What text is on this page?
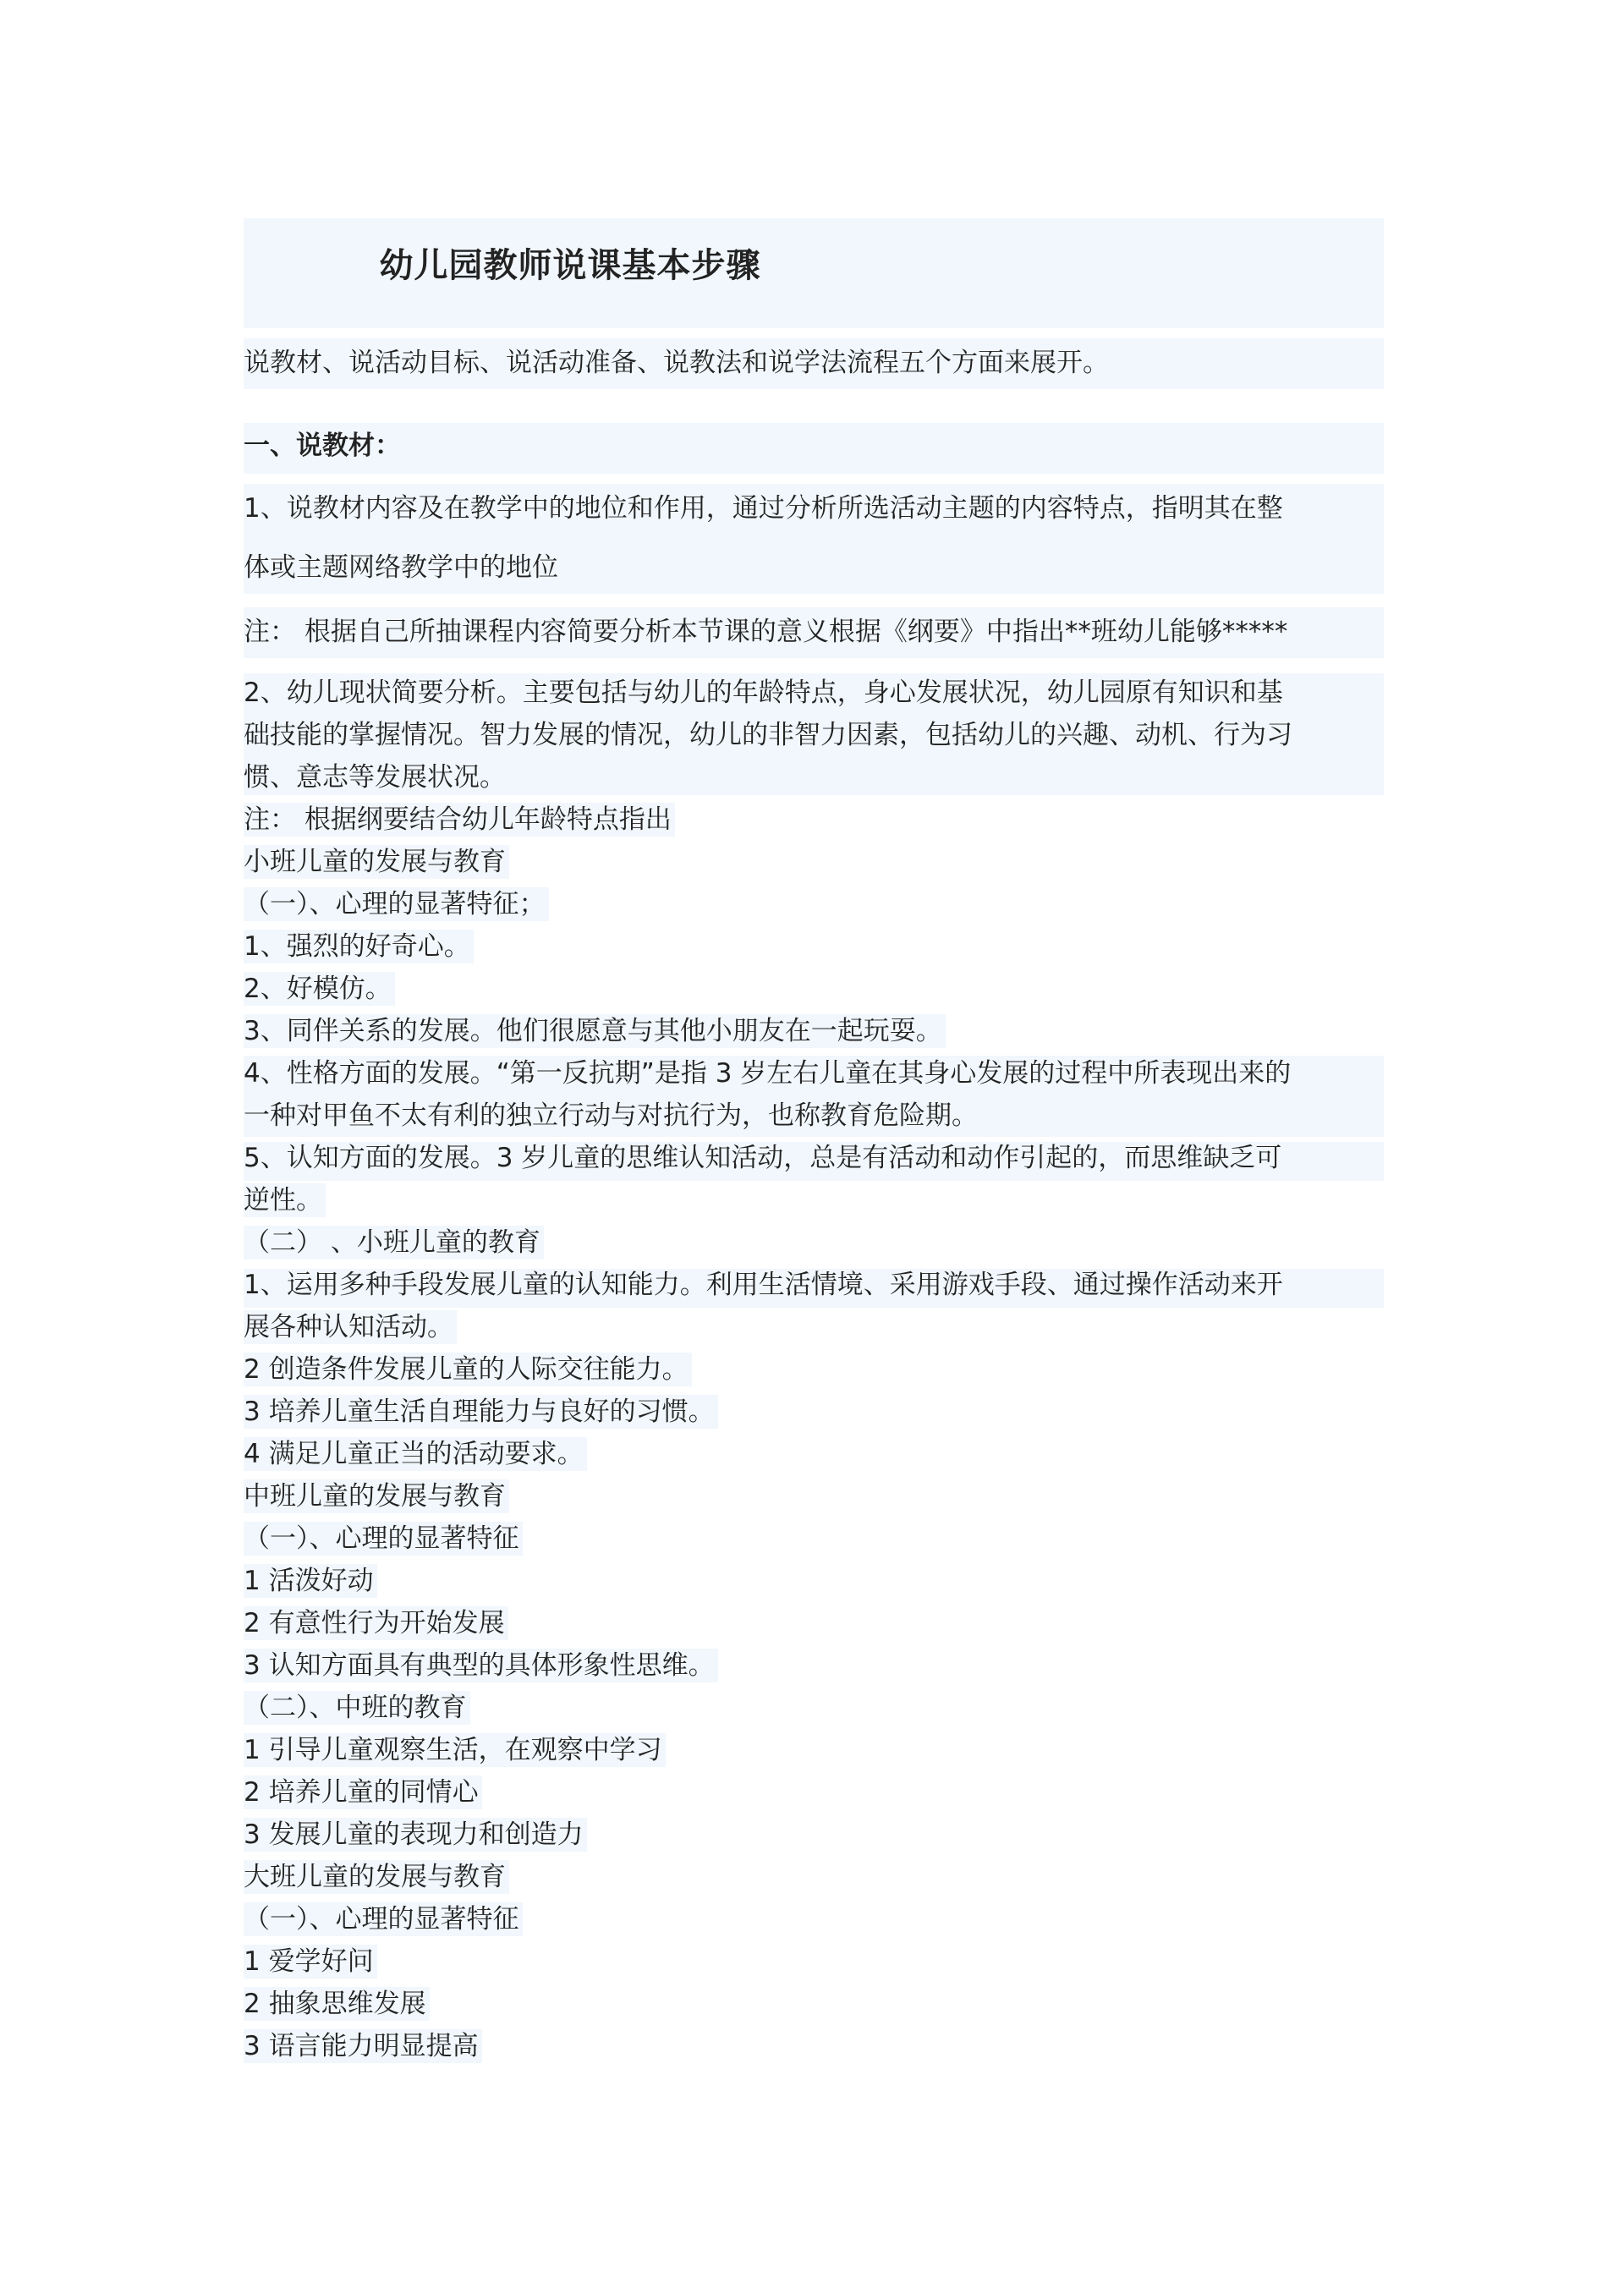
幼儿园教师说课基本步骤
说教材、说活动目标、说活动准备、说教法和说学法流程五个方面来展开。
一、说教材：
1、说教材内容及在教学中的地位和作用，通过分析所选活动主题的内容特点，指明其在整
体或主题网络教学中的地位
注： 根据自己所抽课程内容简要分析本节课的意义根据《纲要》中指出**班幼儿能够*****
2、幼儿现状简要分析。主要包括与幼儿的年龄特点，身心发展状况，幼儿园原有知识和基
础技能的掌握情况。智力发展的情况，幼儿的非智力因素，包括幼儿的兴趣、动机、行为习
惯、意志等发展状况。
注： 根据纲要结合幼儿年龄特点指出
小班儿童的发展与教育
（一）、心理的显著特征；
1、强烈的好奇心。
2、好模仿。
3、同伴关系的发展。他们很愿意与其他小朋友在一起玩耍。
4、性格方面的发展。“第一反抗期”是指 3 岁左右儿童在其身心发展的过程中所表现出来的
一种对甲鱼不太有利的独立行动与对抗行为，也称教育危险期。
5、认知方面的发展。3 岁儿童的思维认知活动，总是有活动和动作引起的，而思维缺乏可
逆性。
（二） 、小班儿童的教育
1、运用多种手段发展儿童的认知能力。利用生活情境、采用游戏手段、通过操作活动来开
展各种认知活动。
2 创造条件发展儿童的人际交往能力。
3 培养儿童生活自理能力与良好的习惯。
4 满足儿童正当的活动要求。
中班儿童的发展与教育
（一）、心理的显著特征
1 活泼好动
2 有意性行为开始发展
3 认知方面具有典型的具体形象性思维。
（二）、中班的教育
1 引导儿童观察生活，在观察中学习
2 培养儿童的同情心
3 发展儿童的表现力和创造力
大班儿童的发展与教育
（一）、心理的显著特征
1 爱学好问
2 抽象思维发展
3 语言能力明显提高
